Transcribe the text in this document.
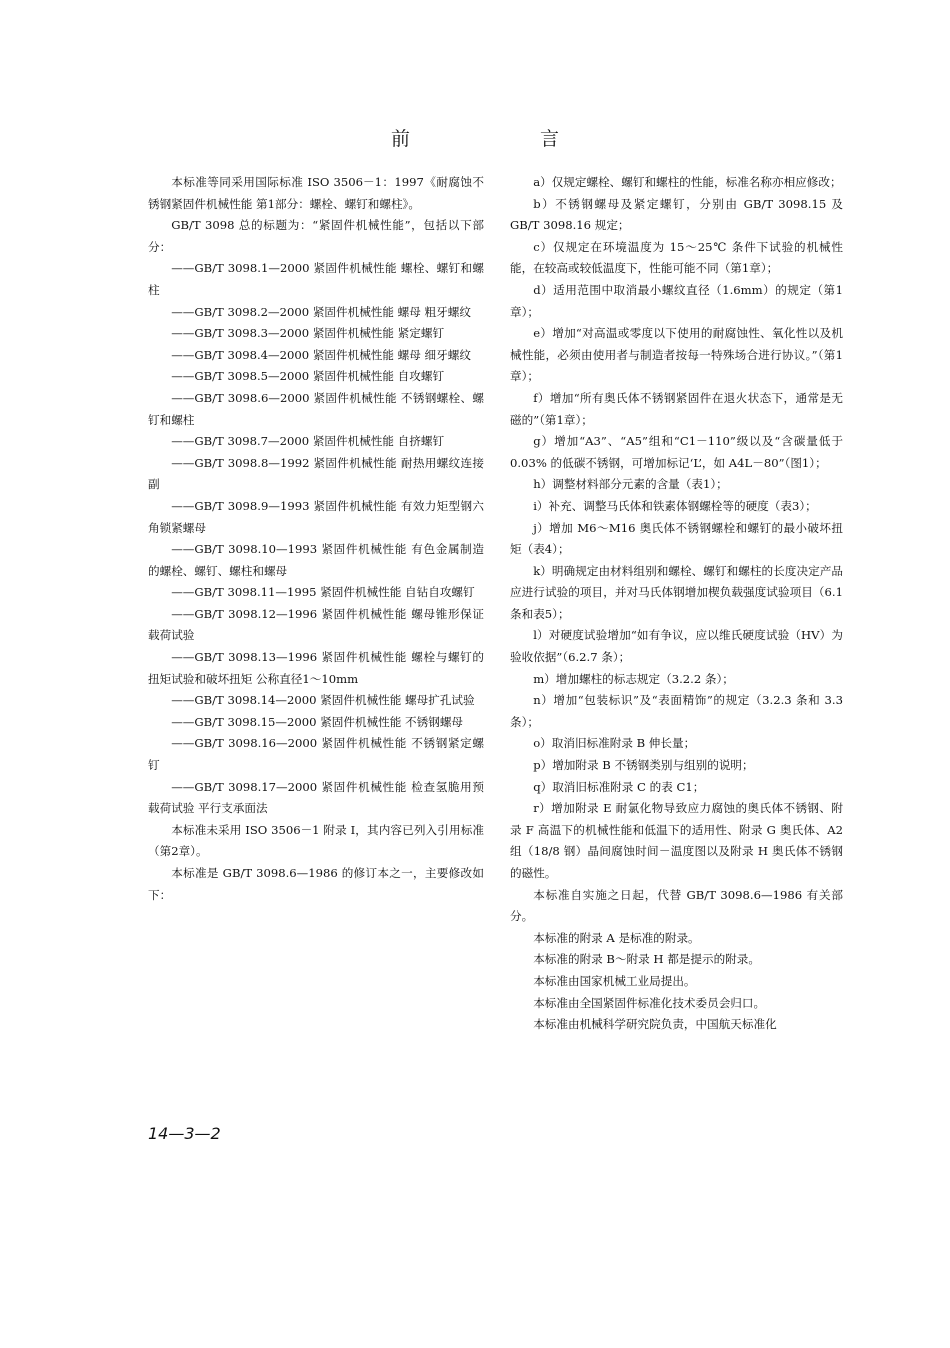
前 言

本标准等同采用国际标准 ISO 3506－1：1997《耐腐蚀不锈钢紧固件机械性能 第1部分：螺栓、螺钉和螺柱》。

GB/T 3098 总的标题为：“紧固件机械性能”，包括以下部分：

——GB/T 3098.1—2000 紧固件机械性能 螺栓、螺钉和螺柱

——GB/T 3098.2—2000 紧固件机械性能 螺母 粗牙螺纹

——GB/T 3098.3—2000 紧固件机械性能 紧定螺钉

——GB/T 3098.4—2000 紧固件机械性能 螺母 细牙螺纹

——GB/T 3098.5—2000 紧固件机械性能 自攻螺钉

——GB/T 3098.6—2000 紧固件机械性能 不锈钢螺栓、螺钉和螺柱

——GB/T 3098.7—2000 紧固件机械性能 自挤螺钉

——GB/T 3098.8—1992 紧固件机械性能 耐热用螺纹连接副

——GB/T 3098.9—1993 紧固件机械性能 有效力矩型钢六角锁紧螺母

——GB/T 3098.10—1993 紧固件机械性能 有色金属制造的螺栓、螺钉、螺柱和螺母

——GB/T 3098.11—1995 紧固件机械性能 自钻自攻螺钉

——GB/T 3098.12—1996 紧固件机械性能 螺母锥形保证载荷试验

——GB/T 3098.13—1996 紧固件机械性能 螺栓与螺钉的扭矩试验和破坏扭矩 公称直径1～10mm

——GB/T 3098.14—2000 紧固件机械性能 螺母扩孔试验

——GB/T 3098.15—2000 紧固件机械性能 不锈钢螺母

——GB/T 3098.16—2000 紧固件机械性能 不锈钢紧定螺钉

——GB/T 3098.17—2000 紧固件机械性能 检查氢脆用预载荷试验 平行支承面法

本标准未采用 ISO 3506－1 附录 I，其内容已列入引用标准（第2章）。

本标准是 GB/T 3098.6—1986 的修订本之一，主要修改如下：

a）仅规定螺栓、螺钉和螺柱的性能，标准名称亦相应修改；

b）不锈钢螺母及紧定螺钉，分别由 GB/T 3098.15 及 GB/T 3098.16 规定；

c）仅规定在环境温度为 15～25℃ 条件下试验的机械性能，在较高或较低温度下，性能可能不同（第1章）；

d）适用范围中取消最小螺纹直径（1.6mm）的规定（第1章）；

e）增加“对高温或零度以下使用的耐腐蚀性、氧化性以及机械性能，必须由使用者与制造者按每一特殊场合进行协议。”（第1章）；

f）增加“所有奥氏体不锈钢紧固件在退火状态下，通常是无磁的”（第1章）；

g）增加“A3”、“A5”组和“C1－110”级以及“含碳量低于 0.03% 的低碳不锈钢，可增加标记‘L’，如 A4L－80”（图1）；

h）调整材料部分元素的含量（表1）；

i）补充、调整马氏体和铁素体钢螺栓等的硬度（表3）；

j）增加 M6～M16 奥氏体不锈钢螺栓和螺钉的最小破坏扭矩（表4）；

k）明确规定由材料组别和螺栓、螺钉和螺柱的长度决定产品应进行试验的项目，并对马氏体钢增加楔负载强度试验项目（6.1 条和表5）；

l）对硬度试验增加“如有争议，应以维氏硬度试验（HV）为验收依据”（6.2.7 条）；

m）增加螺柱的标志规定（3.2.2 条）；

n）增加“包装标识”及“表面精饰”的规定（3.2.3 条和 3.3 条）；

o）取消旧标准附录 B 伸长量；

p）增加附录 B 不锈钢类别与组别的说明；

q）取消旧标准附录 C 的表 C1；

r）增加附录 E 耐氯化物导致应力腐蚀的奥氏体不锈钢、附录 F 高温下的机械性能和低温下的适用性、附录 G 奥氏体、A2 组（18/8 钢）晶间腐蚀时间－温度图以及附录 H 奥氏体不锈钢的磁性。

本标准自实施之日起，代替 GB/T 3098.6—1986 有关部分。

本标准的附录 A 是标准的附录。

本标准的附录 B～附录 H 都是提示的附录。

本标准由国家机械工业局提出。

本标准由全国紧固件标准化技术委员会归口。

本标准由机械科学研究院负责，中国航天标准化

14—3—2
